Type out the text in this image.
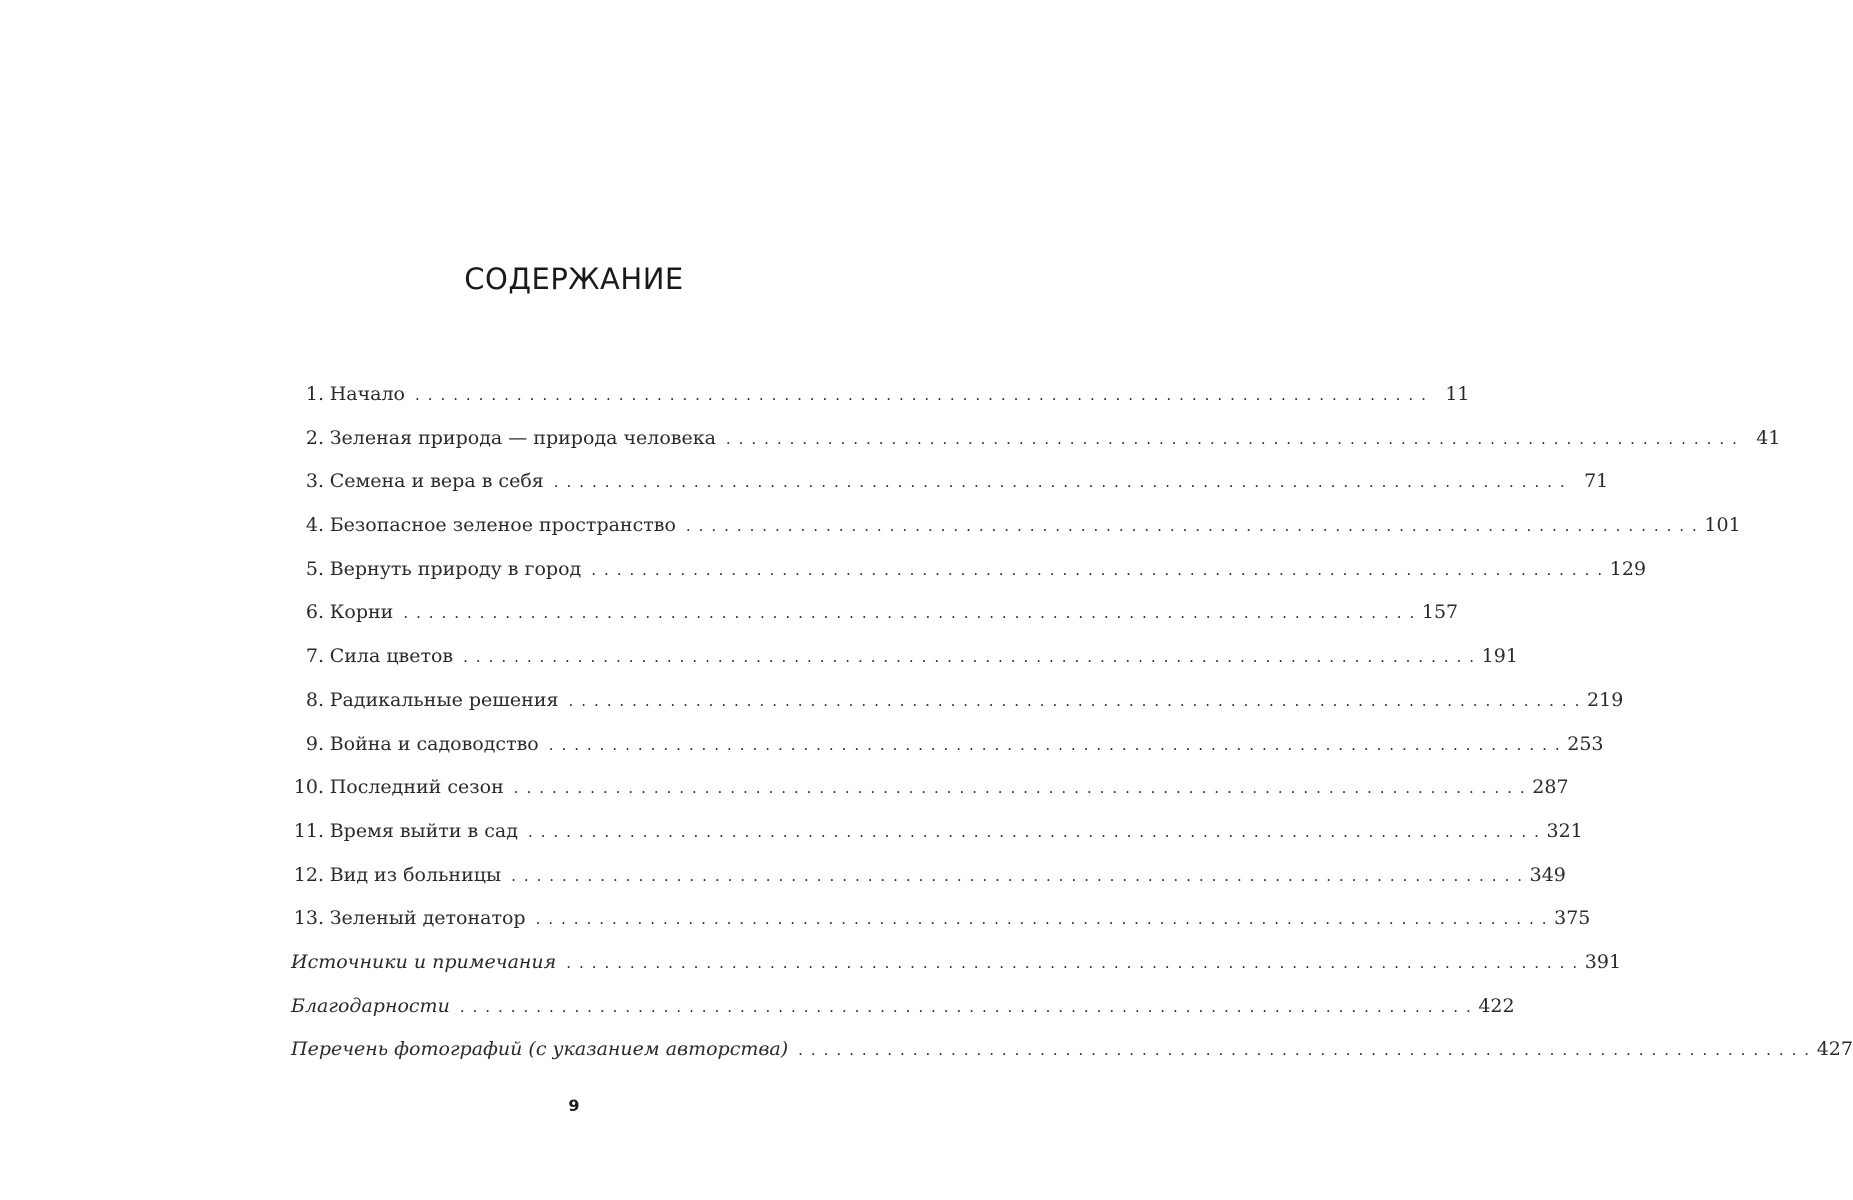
СОДЕРЖАНИЕ
1. Начало . . . . . . . . . . . . . . . . . . . . . . . . . . . . . . . . . . . . . . . . . . . . . . . . . . . . . . . . . . . . . . . . . . . . . . . . . . . . . . . . 11
2. Зеленая природа — природа человека . . . . . . . . . . . . . . . . . . . . . . . . . . . . . . . . . . . . . . . . . . . . . . . . . . . . . . . . . . . . . . . . . . . . . . . . . . . . . . . . 41
3. Семена и вера в себя . . . . . . . . . . . . . . . . . . . . . . . . . . . . . . . . . . . . . . . . . . . . . . . . . . . . . . . . . . . . . . . . . . . . . . . . . . . . . . . . 71
4. Безопасное зеленое пространство . . . . . . . . . . . . . . . . . . . . . . . . . . . . . . . . . . . . . . . . . . . . . . . . . . . . . . . . . . . . . . . . . . . . . . . . . . . . . . . . 101
5. Вернуть природу в город . . . . . . . . . . . . . . . . . . . . . . . . . . . . . . . . . . . . . . . . . . . . . . . . . . . . . . . . . . . . . . . . . . . . . . . . . . . . . . . . 129
6. Корни . . . . . . . . . . . . . . . . . . . . . . . . . . . . . . . . . . . . . . . . . . . . . . . . . . . . . . . . . . . . . . . . . . . . . . . . . . . . . . . . 157
7. Сила цветов . . . . . . . . . . . . . . . . . . . . . . . . . . . . . . . . . . . . . . . . . . . . . . . . . . . . . . . . . . . . . . . . . . . . . . . . . . . . . . . . 191
8. Радикальные решения . . . . . . . . . . . . . . . . . . . . . . . . . . . . . . . . . . . . . . . . . . . . . . . . . . . . . . . . . . . . . . . . . . . . . . . . . . . . . . . . 219
9. Война и садоводство . . . . . . . . . . . . . . . . . . . . . . . . . . . . . . . . . . . . . . . . . . . . . . . . . . . . . . . . . . . . . . . . . . . . . . . . . . . . . . . . 253
10. Последний сезон . . . . . . . . . . . . . . . . . . . . . . . . . . . . . . . . . . . . . . . . . . . . . . . . . . . . . . . . . . . . . . . . . . . . . . . . . . . . . . . . 287
11. Время выйти в сад . . . . . . . . . . . . . . . . . . . . . . . . . . . . . . . . . . . . . . . . . . . . . . . . . . . . . . . . . . . . . . . . . . . . . . . . . . . . . . . . 321
12. Вид из больницы . . . . . . . . . . . . . . . . . . . . . . . . . . . . . . . . . . . . . . . . . . . . . . . . . . . . . . . . . . . . . . . . . . . . . . . . . . . . . . . . 349
13. Зеленый детонатор . . . . . . . . . . . . . . . . . . . . . . . . . . . . . . . . . . . . . . . . . . . . . . . . . . . . . . . . . . . . . . . . . . . . . . . . . . . . . . . . 375
Источники и примечания . . . . . . . . . . . . . . . . . . . . . . . . . . . . . . . . . . . . . . . . . . . . . . . . . . . . . . . . . . . . . . . . . . . . . . . . . . . . . . . . 391
Благодарности . . . . . . . . . . . . . . . . . . . . . . . . . . . . . . . . . . . . . . . . . . . . . . . . . . . . . . . . . . . . . . . . . . . . . . . . . . . . . . . . 422
Перечень фотографий (с указанием авторства) . . . . . . . . . . . . . . . . . . . . . . . . . . . . . . . . . . . . . . . . . . . . . . . . . . . . . . . . . . . . . . . . . . . . . . . . . . . . . . . . 427

9
